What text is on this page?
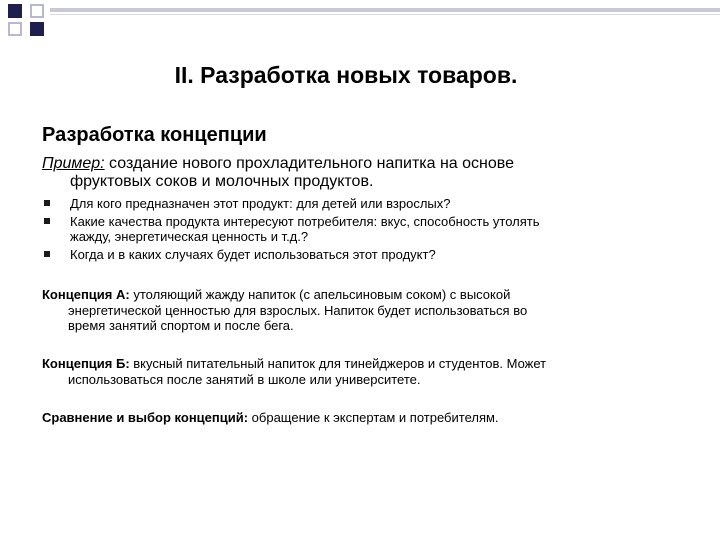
II. Разработка новых товаров.
Разработка концепции
Пример: создание нового прохладительного напитка на основе
фруктовых соков и молочных продуктов.
Для кого предназначен этот продукт: для детей или взрослых?
Какие качества продукта интересуют потребителя: вкус, способность утолять
жажду, энергетическая ценность и т.д.?
Когда и в каких случаях будет использоваться этот продукт?
Концепция А: утоляющий жажду напиток (с апельсиновым соком) с высокой
энергетической ценностью для взрослых. Напиток будет использоваться во
время занятий спортом и после бега.
Концепция Б: вкусный питательный напиток для тинейджеров и студентов. Может
использоваться после занятий в школе или университете.
Сравнение и выбор концепций: обращение к экспертам и потребителям.
